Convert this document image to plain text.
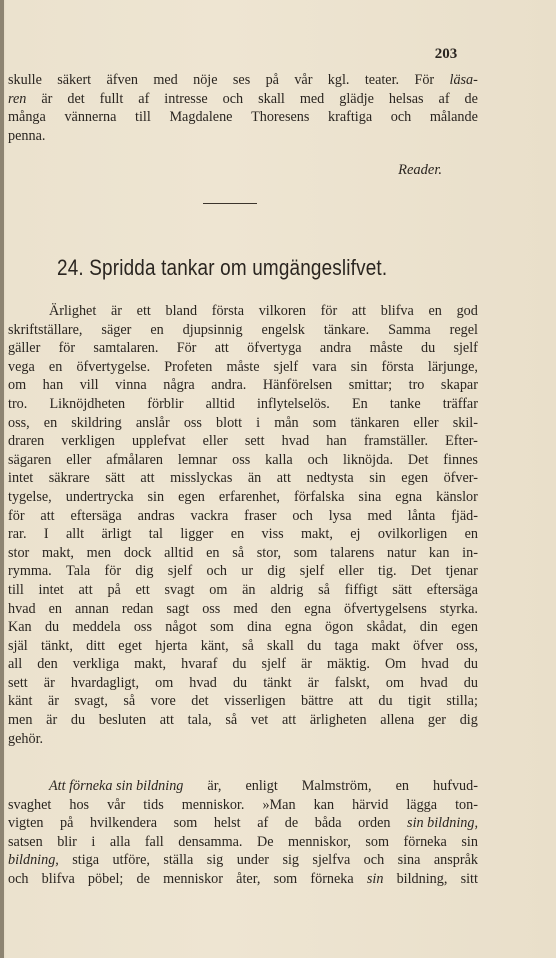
203
skulle säkert äfven med nöje ses på vår kgl. teater. För läsa-
ren är det fullt af intresse och skall med glädje helsas af de
många vännerna till Magdalene Thoresens kraftiga och målande
penna.
Reader.
24. Spridda tankar om umgängeslifvet.
Ärlighet är ett bland första vilkoren för att blifva en god
skriftställare, säger en djupsinnig engelsk tänkare. Samma regel
gäller för samtalaren. För att öfvertyga andra måste du sjelf
vega en öfvertygelse. Profeten måste sjelf vara sin första lärjunge,
om han vill vinna några andra. Hänförelsen smittar; tro skapar
tro. Liknöjdheten förblir alltid inflytelselös. En tanke träffar
oss, en skildring anslår oss blott i mån som tänkaren eller skil-
draren verkligen upplefvat eller sett hvad han framställer. Efter-
sägaren eller afmålaren lemnar oss kalla och liknöjda. Det finnes
intet säkrare sätt att misslyckas än att nedtysta sin egen öfver-
tygelse, undertrycka sin egen erfarenhet, förfalska sina egna känslor
för att eftersäga andras vackra fraser och lysa med lånta fjäd-
rar. I allt ärligt tal ligger en viss makt, ej ovilkorligen en
stor makt, men dock alltid en så stor, som talarens natur kan in-
rymma. Tala för dig sjelf och ur dig sjelf eller tig. Det tjenar
till intet att på ett svagt om än aldrig så fiffigt sätt eftersäga
hvad en annan redan sagt oss med den egna öfvertygelsens styrka.
Kan du meddela oss något som dina egna ögon skådat, din egen
själ tänkt, ditt eget hjerta känt, så skall du taga makt öfver oss,
all den verkliga makt, hvaraf du sjelf är mäktig. Om hvad du
sett är hvardagligt, om hvad du tänkt är falskt, om hvad du
känt är svagt, så vore det visserligen bättre att du tigit stilla;
men är du besluten att tala, så vet att ärligheten allena ger dig
gehör.
Att förneka sin bildning är, enligt Malmström, en hufvud-
svaghet hos vår tids menniskor. »Man kan härvid lägga ton-
vigten på hvilkendera som helst af de båda orden sin bildning,
satsen blir i alla fall densamma. De menniskor, som förneka sin
bildning, stiga utföre, ställa sig under sig sjelfva och sina anspråk
och blifva pöbel; de menniskor åter, som förneka sin bildning, sitt
